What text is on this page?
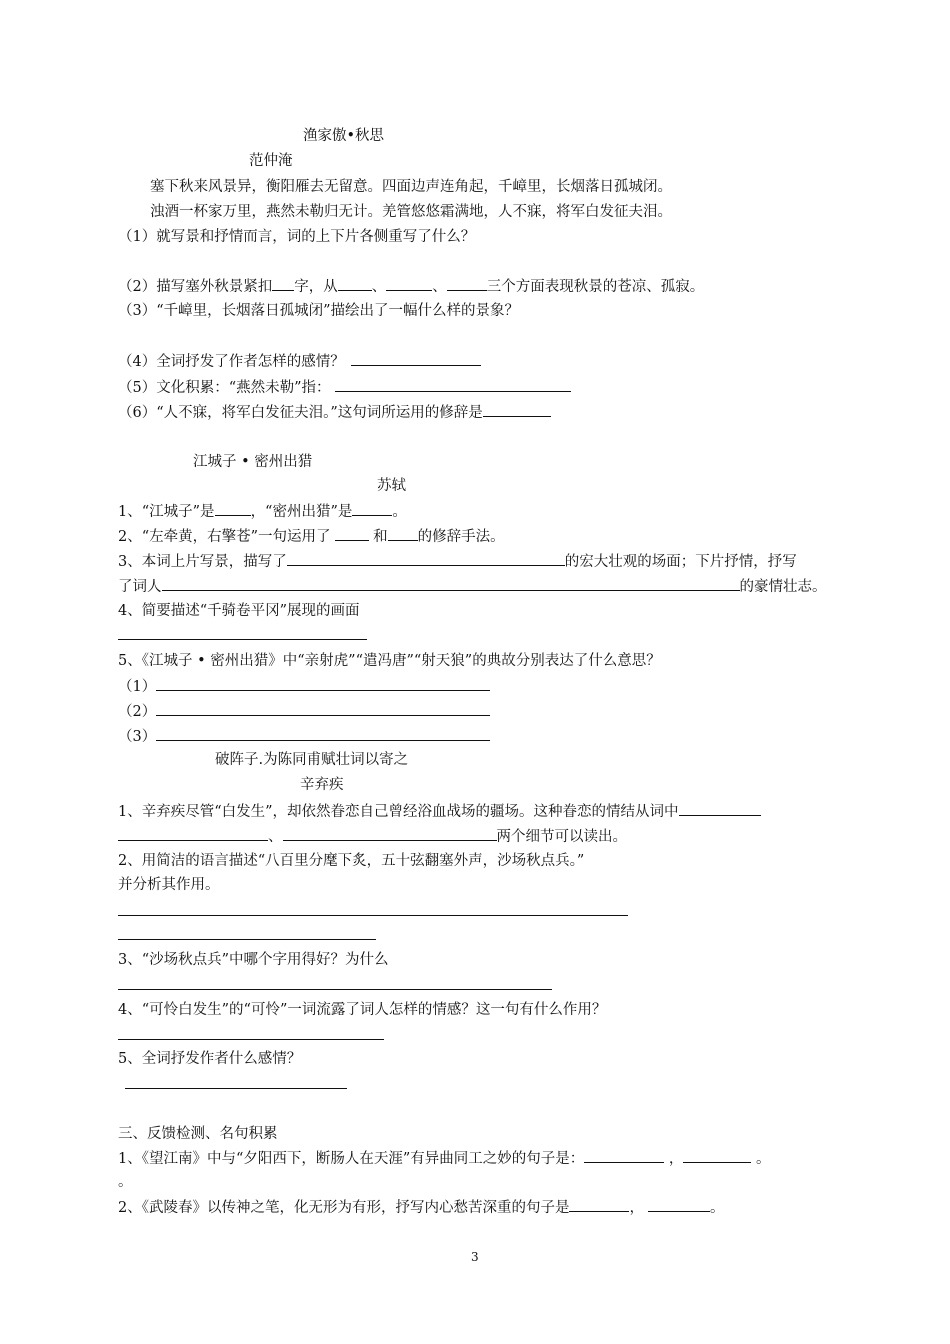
渔家傲•秋思
范仲淹
塞下秋来风景异，衡阳雁去无留意。四面边声连角起，千嶂里，长烟落日孤城闭。
浊酒一杯家万里，燕然未勒归无计。羌管悠悠霜满地，人不寐，将军白发征夫泪。
（1）就写景和抒情而言，词的上下片各侧重写了什么？
（2）描写塞外秋景紧扣 字，从 、	、	三个方面表现秋景的苍凉、孤寂。
（3）“千嶂里，长烟落日孤城闭”描绘出了一幅什么样的景象？
（4）全词抒发了作者怎样的感情？
（5）文化积累：“燕然未勒”指：
（6）“人不寐，将军白发征夫泪。”这句词所运用的修辞是
江城子 • 密州出猎
苏轼
1、“江城子”是 ，“密州出猎”是	。
2、“左牵黄，右擎苍”一句运用了	和 的修辞手法。
3、本词上片写景，描写了	的宏大壮观的场面；下片抒情，抒写
了词人	的豪情壮志。
4、简要描述“千骑卷平冈”展现的画面
5、《江城子 • 密州出猎》中“亲射虎”“遣冯唐”“射天狼”的典故分别表达了什么意思？
（1）
（2）
（3）
破阵子.为陈同甫赋壮词以寄之
辛弃疾
1、辛弃疾尽管“白发生”，却依然眷恋自己曾经浴血战场的疆场。这种眷恋的情结从词中
、	两个细节可以读出。
2、用简洁的语言描述“八百里分麾下炙，五十弦翻塞外声，沙场秋点兵。”
并分析其作用。
3、“沙场秋点兵”中哪个字用得好？为什么
4、“可怜白发生”的“可怜”一词流露了词人怎样的情感？这一句有什么作用？
5、全词抒发作者什么感情？
三、反馈检测、名句积累
1、《望江南》中与“夕阳西下，断肠人在天涯”有异曲同工之妙的句子是：	，	。
。
2、《武陵春》以传神之笔，化无形为有形，抒写内心愁苦深重的句子是	，	。
3
